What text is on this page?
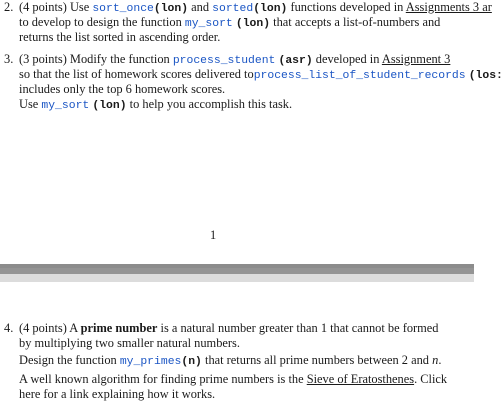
2. (4 points) Use sort_once(lon) and sorted(lon) functions developed in Assignments 3 ar
to develop to design the function my_sort (lon) that accepts a list-of-numbers and
returns the list sorted in ascending order.
3. (3 points) Modify the function process_student (asr) developed in Assignment 3
so that the list of homework scores delivered toprocess_list_of_student_records (los:
includes only the top 6 homework scores.
Use my_sort (lon) to help you accomplish this task.
1
4. (4 points) A prime number is a natural number greater than 1 that cannot be formed
by multiplying two smaller natural numbers.
Design the function my_primes(n) that returns all prime numbers between 2 and n.
A well known algorithm for finding prime numbers is the Sieve of Eratosthenes. Click
here for a link explaining how it works.
